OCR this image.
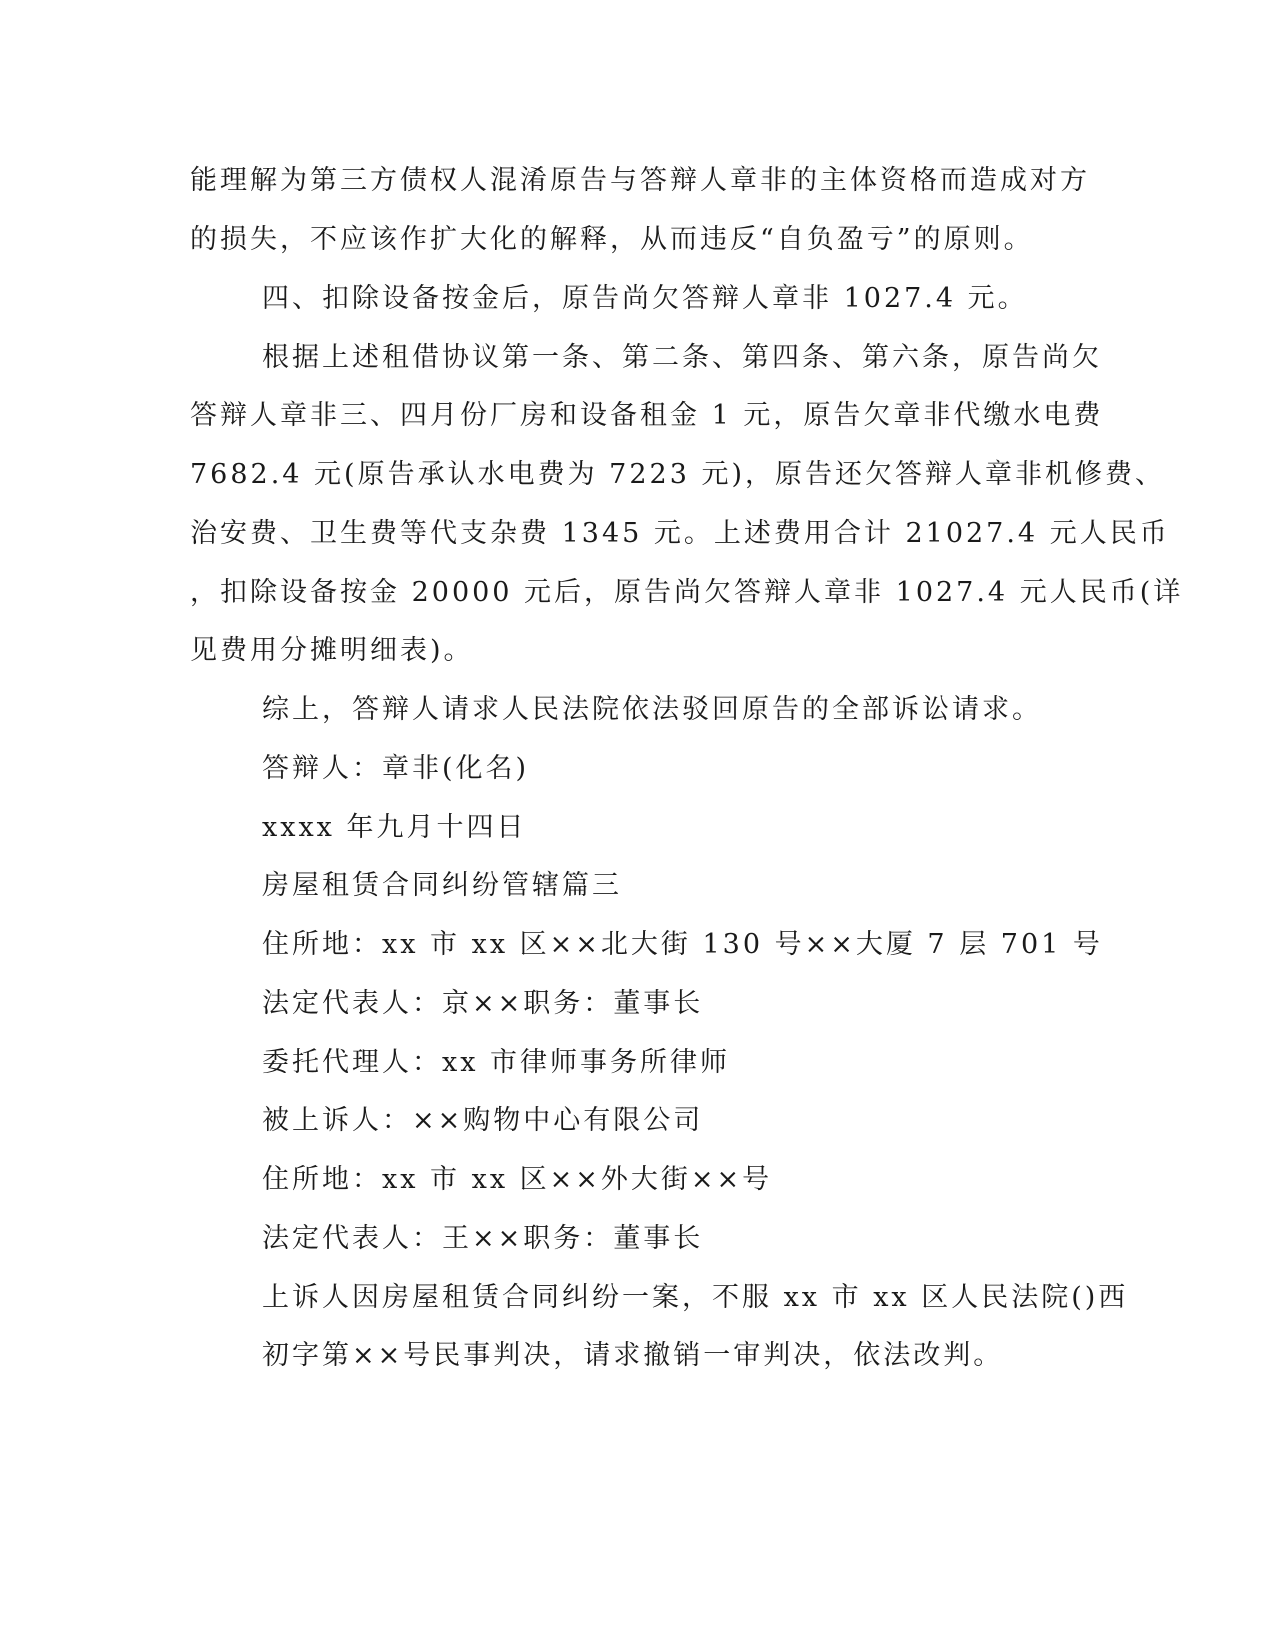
能理解为第三方债权人混淆原告与答辩人章非的主体资格而造成对方
的损失，不应该作扩大化的解释，从而违反“自负盈亏”的原则。
四、扣除设备按金后，原告尚欠答辩人章非 1027.4 元。
根据上述租借协议第一条、第二条、第四条、第六条，原告尚欠
答辩人章非三、四月份厂房和设备租金 1 元，原告欠章非代缴水电费
7682.4 元(原告承认水电费为 7223 元)，原告还欠答辩人章非机修费、
治安费、卫生费等代支杂费 1345 元。上述费用合计 21027.4 元人民币
，扣除设备按金 20000 元后，原告尚欠答辩人章非 1027.4 元人民币(详
见费用分摊明细表)。
综上，答辩人请求人民法院依法驳回原告的全部诉讼请求。
答辩人：章非(化名)
xxxx 年九月十四日
房屋租赁合同纠纷管辖篇三
住所地：xx 市 xx 区××北大街 130 号××大厦 7 层 701 号
法定代表人：京××职务：董事长
委托代理人：xx 市律师事务所律师
被上诉人：××购物中心有限公司
住所地：xx 市 xx 区××外大街××号
法定代表人：王××职务：董事长
上诉人因房屋租赁合同纠纷一案，不服 xx 市 xx 区人民法院()西
初字第××号民事判决，请求撤销一审判决，依法改判。
